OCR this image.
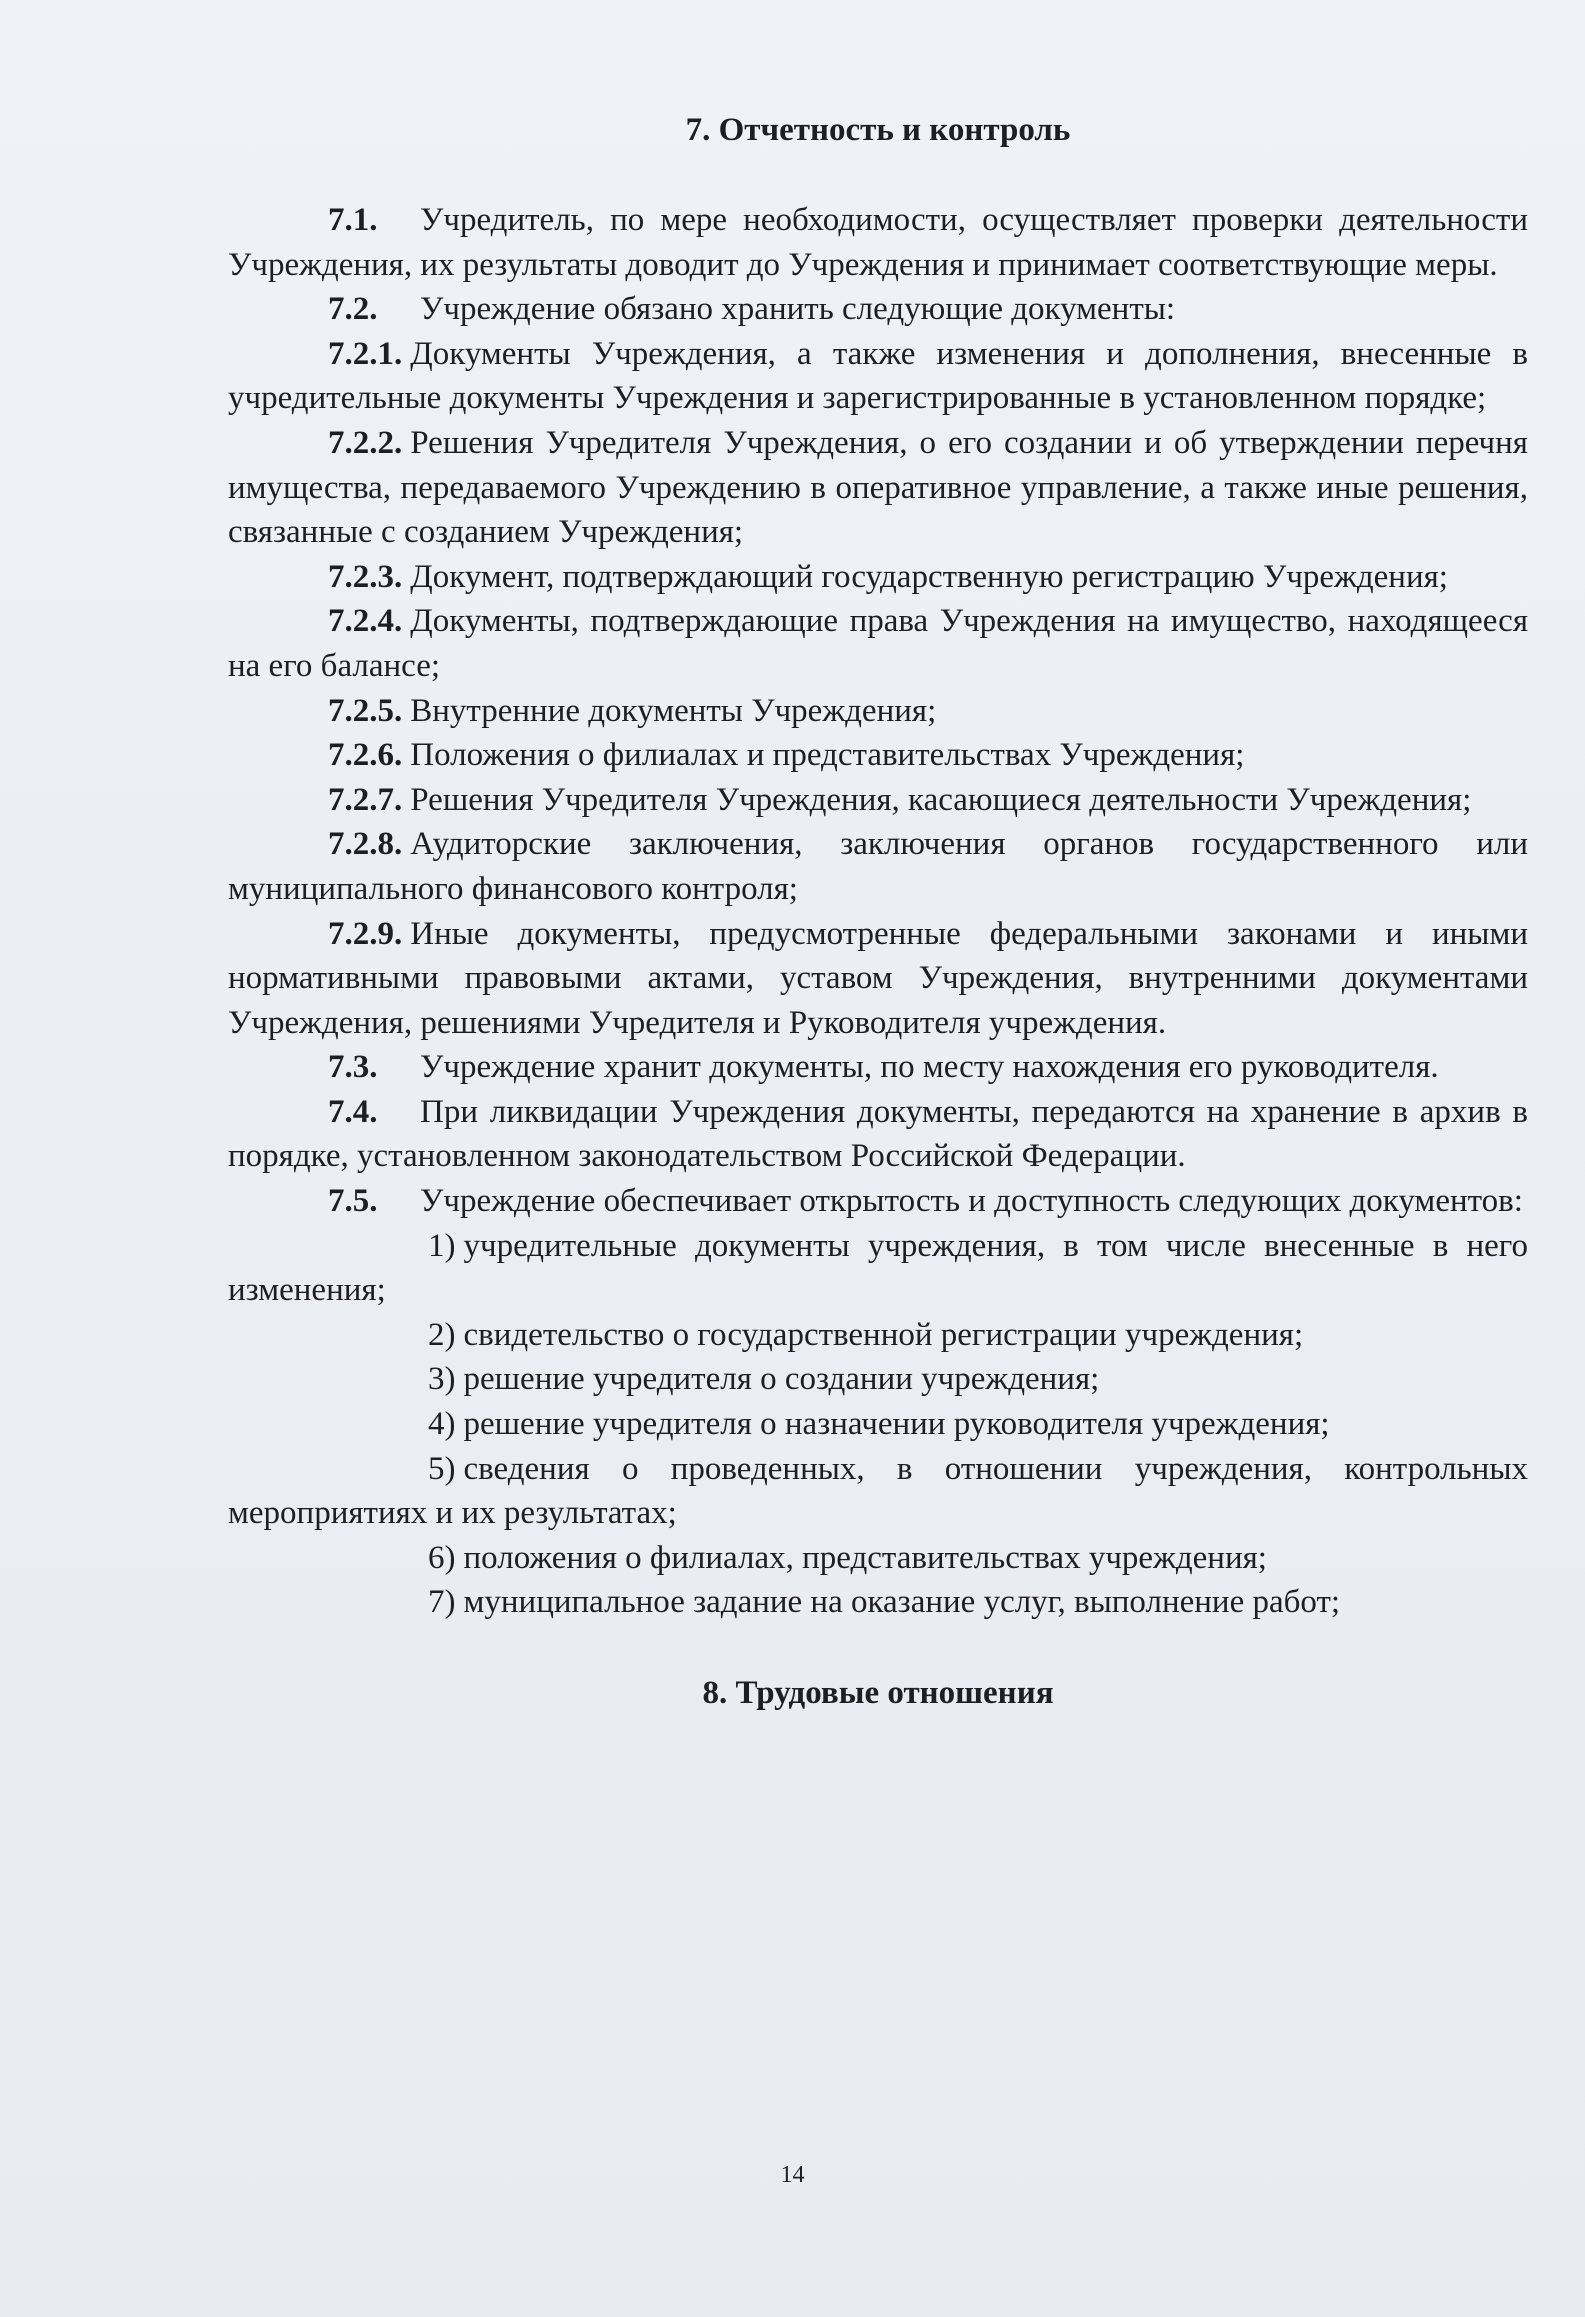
7. Отчетность и контроль

7.1. Учредитель, по мере необходимости, осуществляет проверки деятельности Учреждения, их результаты доводит до Учреждения и принимает соответствующие меры.

7.2. Учреждение обязано хранить следующие документы:

7.2.1. Документы Учреждения, а также изменения и дополнения, внесенные в учредительные документы Учреждения и зарегистрированные в установленном порядке;

7.2.2. Решения Учредителя Учреждения, о его создании и об утверждении перечня имущества, передаваемого Учреждению в оперативное управление, а также иные решения, связанные с созданием Учреждения;

7.2.3. Документ, подтверждающий государственную регистрацию Учреждения;

7.2.4. Документы, подтверждающие права Учреждения на имущество, находящееся на его балансе;

7.2.5. Внутренние документы Учреждения;

7.2.6. Положения о филиалах и представительствах Учреждения;

7.2.7. Решения Учредителя Учреждения, касающиеся деятельности Учреждения;

7.2.8. Аудиторские заключения, заключения органов государственного или муниципального финансового контроля;

7.2.9. Иные документы, предусмотренные федеральными законами и иными нормативными правовыми актами, уставом Учреждения, внутренними документами Учреждения, решениями Учредителя и Руководителя учреждения.

7.3. Учреждение хранит документы, по месту нахождения его руководителя.

7.4. При ликвидации Учреждения документы, передаются на хранение в архив в порядке, установленном законодательством Российской Федерации.

7.5. Учреждение обеспечивает открытость и доступность следующих документов:

1) учредительные документы учреждения, в том числе внесенные в него изменения;

2) свидетельство о государственной регистрации учреждения;

3) решение учредителя о создании учреждения;

4) решение учредителя о назначении руководителя учреждения;

5) сведения о проведенных, в отношении учреждения, контрольных мероприятиях и их результатах;

6) положения о филиалах, представительствах учреждения;

7) муниципальное задание на оказание услуг, выполнение работ;

8. Трудовые отношения
14
